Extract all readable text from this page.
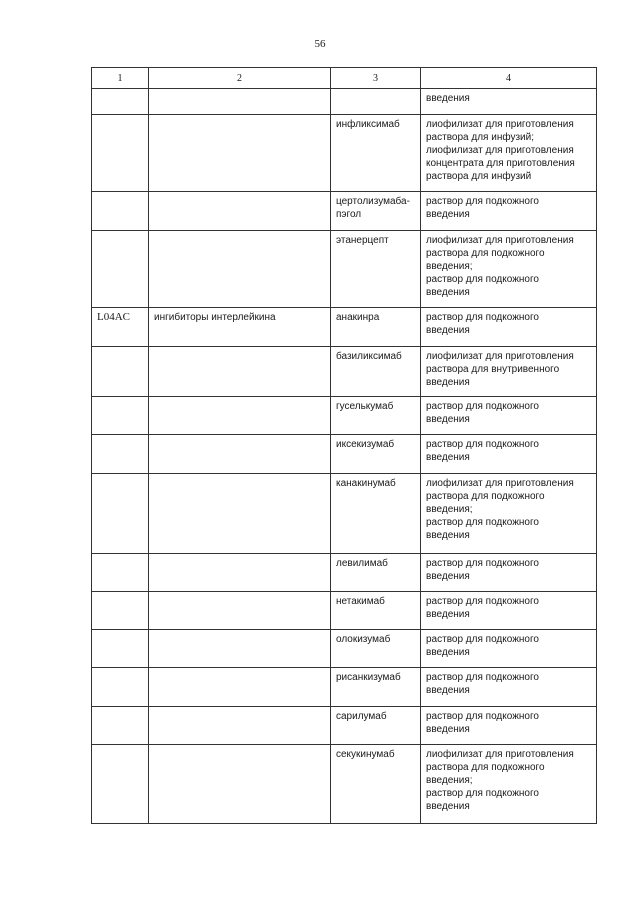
56
1	2	3	4

			введения

		инфликсимаб	лиофилизат для приготовления
раствора для инфузий;
лиофилизат для приготовления
концентрата для приготовления
раствора для инфузий

		цертолизумаба-
пэгол	раствор для подкожного
введения

		этанерцепт	лиофилизат для приготовления
раствора для подкожного
введения;
раствор для подкожного
введения

L04AC	ингибиторы интерлейкина	анакинра	раствор для подкожного
введения

		базиликсимаб	лиофилизат для приготовления
раствора для внутривенного
введения

		гуселькумаб	раствор для подкожного
введения

		иксекизумаб	раствор для подкожного
введения

		канакинумаб	лиофилизат для приготовления
раствора для подкожного
введения;
раствор для подкожного
введения

		левилимаб	раствор для подкожного
введения

		нетакимаб	раствор для подкожного
введения

		олокизумаб	раствор для подкожного
введения

		рисанкизумаб	раствор для подкожного
введения

		сарилумаб	раствор для подкожного
введения

		секукинумаб	лиофилизат для приготовления
раствора для подкожного
введения;
раствор для подкожного
введения
